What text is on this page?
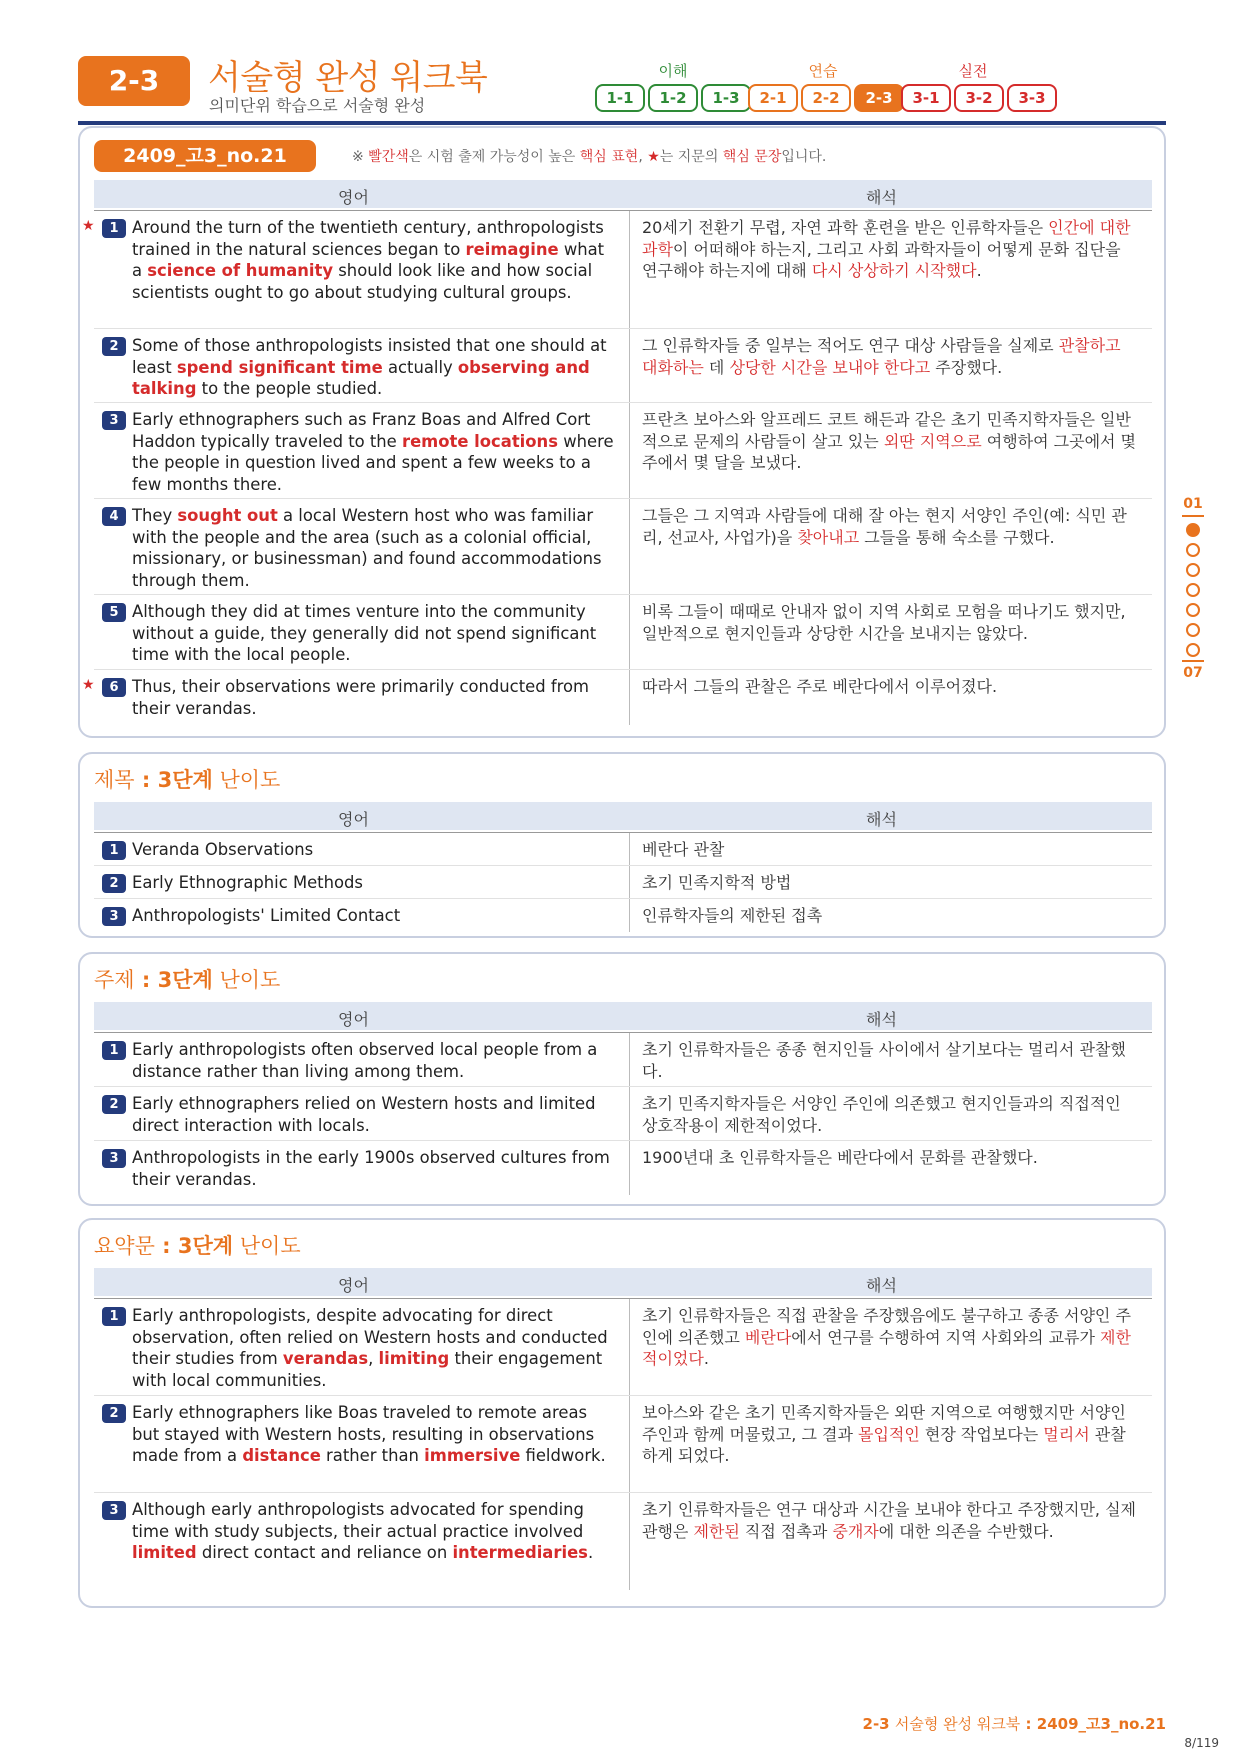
2-3	서술형 완성 워크북
의미단위 학습으로 서술형 완성
이해	연습	실전
1-1	1-2	1-3	2-1	2-2	2-3	3-1	3-2	3-3
2409_고3_no.21	※ 빨간색은 시험 출제 가능성이 높은 핵심 표현, ★는 지문의 핵심 문장입니다.
영어	해석
★	1 Around the turn of the twentieth century, anthropologists trained in the natural sciences began to reimagine what a science of humanity should look like and how social scientists ought to go about studying cultural groups.
20세기 전환기 무렵, 자연 과학 훈련을 받은 인류학자들은 인간에 대한 과학이 어떠해야 하는지, 그리고 사회 과학자들이 어떻게 문화 집단을 연구해야 하는지에 대해 다시 상상하기 시작했다.
2 Some of those anthropologists insisted that one should at least spend significant time actually observing and talking to the people studied.
그 인류학자들 중 일부는 적어도 연구 대상 사람들을 실제로 관찰하고 대화하는 데 상당한 시간을 보내야 한다고 주장했다.
3 Early ethnographers such as Franz Boas and Alfred Cort Haddon typically traveled to the remote locations where the people in question lived and spent a few weeks to a few months there.
프란츠 보아스와 알프레드 코트 해든과 같은 초기 민족지학자들은 일반적으로 문제의 사람들이 살고 있는 외딴 지역으로 여행하여 그곳에서 몇 주에서 몇 달을 보냈다.
4 They sought out a local Western host who was familiar with the people and the area (such as a colonial official, missionary, or businessman) and found accommodations through them.
그들은 그 지역과 사람들에 대해 잘 아는 현지 서양인 주인(예: 식민 관리, 선교사, 사업가)을 찾아내고 그들을 통해 숙소를 구했다.
5 Although they did at times venture into the community without a guide, they generally did not spend significant time with the local people.
비록 그들이 때때로 안내자 없이 지역 사회로 모험을 떠나기도 했지만, 일반적으로 현지인들과 상당한 시간을 보내지는 않았다.
★	6 Thus, their observations were primarily conducted from their verandas.
따라서 그들의 관찰은 주로 베란다에서 이루어졌다.
제목 : 3단계 난이도
영어	해석
1 Veranda Observations	베란다 관찰
2 Early Ethnographic Methods	초기 민족지학적 방법
3 Anthropologists' Limited Contact	인류학자들의 제한된 접촉
주제 : 3단계 난이도
영어	해석
1 Early anthropologists often observed local people from a distance rather than living among them.
초기 인류학자들은 종종 현지인들 사이에서 살기보다는 멀리서 관찰했다.
2 Early ethnographers relied on Western hosts and limited direct interaction with locals.
초기 민족지학자들은 서양인 주인에 의존했고 현지인들과의 직접적인 상호작용이 제한적이었다.
3 Anthropologists in the early 1900s observed cultures from their verandas.
1900년대 초 인류학자들은 베란다에서 문화를 관찰했다.
요약문 : 3단계 난이도
영어	해석
1 Early anthropologists, despite advocating for direct observation, often relied on Western hosts and conducted their studies from verandas, limiting their engagement with local communities.
초기 인류학자들은 직접 관찰을 주장했음에도 불구하고 종종 서양인 주인에 의존했고 베란다에서 연구를 수행하여 지역 사회와의 교류가 제한적이었다.
2 Early ethnographers like Boas traveled to remote areas but stayed with Western hosts, resulting in observations made from a distance rather than immersive fieldwork.
보아스와 같은 초기 민족지학자들은 외딴 지역으로 여행했지만 서양인 주인과 함께 머물렀고, 그 결과 몰입적인 현장 작업보다는 멀리서 관찰하게 되었다.
3 Although early anthropologists advocated for spending time with study subjects, their actual practice involved limited direct contact and reliance on intermediaries.
초기 인류학자들은 연구 대상과 시간을 보내야 한다고 주장했지만, 실제 관행은 제한된 직접 접촉과 중개자에 대한 의존을 수반했다.
01
07
2-3 서술형 완성 워크북 : 2409_고3_no.21
8/119
